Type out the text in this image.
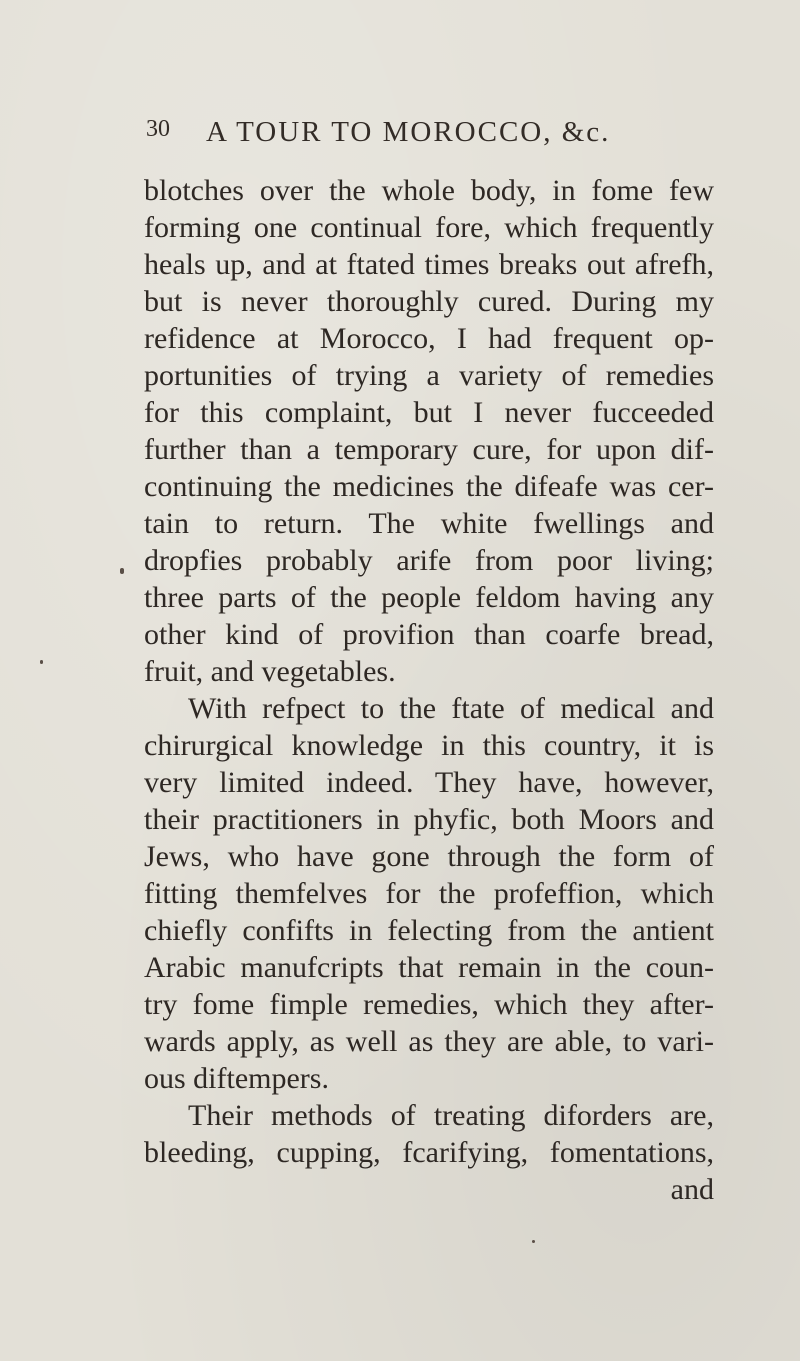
30 A TOUR TO MOROCCO, &c.
blotches over the whole body, in fome few
forming one continual fore, which frequently
heals up, and at ftated times breaks out afrefh,
but is never thoroughly cured. During my
refidence at Morocco, I had frequent op-
portunities of trying a variety of remedies
for this complaint, but I never fucceeded
further than a temporary cure, for upon dif-
continuing the medicines the difeafe was cer-
tain to return. The white fwellings and
dropfies probably arife from poor living;
three parts of the people feldom having any
other kind of provifion than coarfe bread,
fruit, and vegetables.
With refpect to the ftate of medical and
chirurgical knowledge in this country, it is
very limited indeed. They have, however,
their practitioners in phyfic, both Moors and
Jews, who have gone through the form of
fitting themfelves for the profeffion, which
chiefly confifts in felecting from the antient
Arabic manufcripts that remain in the coun-
try fome fimple remedies, which they after-
wards apply, as well as they are able, to vari-
ous diftempers.
Their methods of treating diforders are,
bleeding, cupping, fcarifying, fomentations,
and
